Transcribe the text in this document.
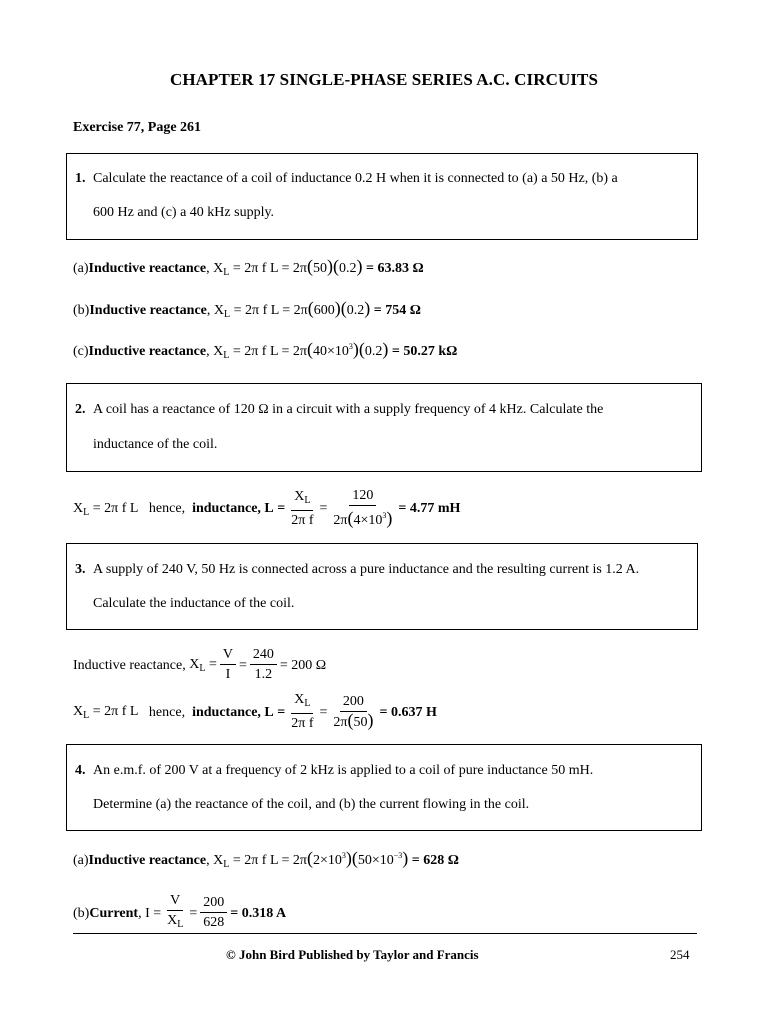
CHAPTER 17 SINGLE-PHASE SERIES A.C. CIRCUITS
Exercise 77, Page 261
1. Calculate the reactance of a coil of inductance 0.2 H when it is connected to (a) a 50 Hz, (b) a
600 Hz and (c) a 40 kHz supply.
(a) Inductive reactance , $X_L = 2\pi$ f L = 2π(50)(0.2)
= 63.83 Ω
(b) Inductive reactance , $X_L = 2\pi$ f L = 2π(600)(0.2)
= 754 Ω
(c) Inductive reactance , $X_L = 2\pi$ f $L = 2\pi(40\times 10^3)(0.2)$
= 50.27 kΩ
2. A coil has a reactance of 120 Ω in a circuit with a supply frequency of 4 kHz. Calculate the
inductance of the coil.
$X_L = 2\pi$ f L
hence,
inductance, L
= $\frac{X_L}{\text{2π f}} = \frac{120}{2\pi(4\times 10^3)} = 4.77$ mH
3. A supply of 240 V, 50 Hz is connected across a pure inductance and the resulting current is 1.2 A.
Calculate the inductance of the coil.
Inductive reactance,
$X_L = \frac{V}{I} = \frac{240}{1.2} = 200$ Ω
$X_L = 2\pi$ f L
hence,
inductance, L
= $\frac{X_L}{\text{2π f}} = \frac{200}{2\pi(50)} = 0.637$ H
4. An e.m.f. of 200 V at a frequency of 2 kHz is applied to a coil of pure inductance 50 mH.
Determine (a) the reactance of the coil, and (b) the current flowing in the coil.
(a) Inductive reactance , $X_L = 2\pi$ f $L = 2\pi(2\times 10^3)(50\times 10^{-3})$
= 628 Ω
(b) Current , $I = \frac{V}{X_L} = \frac{200}{628} = 0.318$ A
© John Bird Published by Taylor and Francis	254
